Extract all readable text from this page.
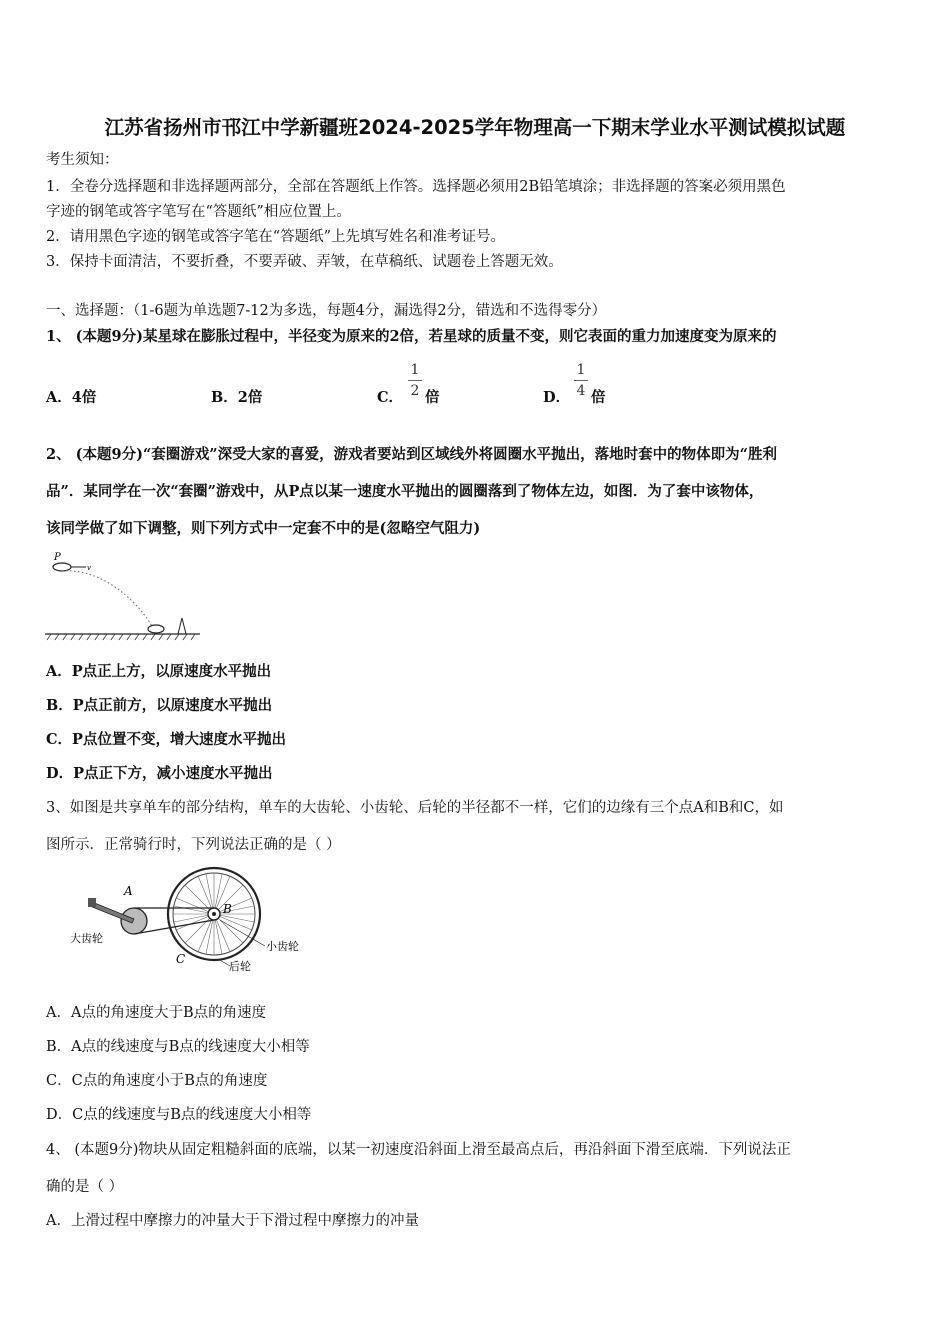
江苏省扬州市邗江中学新疆班2024-2025学年物理高一下期末学业水平测试模拟试题
考生须知：
1．全卷分选择题和非选择题两部分，全部在答题纸上作答。选择题必须用2B铅笔填涂；非选择题的答案必须用黑色
字迹的钢笔或答字笔写在“答题纸”相应位置上。
2．请用黑色字迹的钢笔或答字笔在“答题纸”上先填写姓名和准考证号。
3．保持卡面清洁，不要折叠，不要弄破、弄皱，在草稿纸、试题卷上答题无效。
一、选择题：（1-6题为单选题7-12为多选，每题4分，漏选得2分，错选和不选得零分）
1、 (本题9分)某星球在膨胀过程中，半径变为原来的2倍，若星球的质量不变，则它表面的重力加速度变为原来的
A．4倍	B．2倍	C．
1
2 倍	D．
1
4 倍
2、 (本题9分)“套圈游戏”深受大家的喜爱，游戏者要站到区域线外将圆圈水平抛出，落地时套中的物体即为“胜利
品”．某同学在一次“套圈”游戏中，从P点以某一速度水平抛出的圆圈落到了物体左边，如图．为了套中该物体，
该同学做了如下调整，则下列方式中一定套不中的是(忽略空气阻力)
P
v
A．P点正上方，以原速度水平抛出
B．P点正前方，以原速度水平抛出
C．P点位置不变，增大速度水平抛出
D．P点正下方，减小速度水平抛出
3、如图是共享单车的部分结构，单车的大齿轮、小齿轮、后轮的半径都不一样，它们的边缘有三个点A和B和C，如
图所示．正常骑行时，下列说法正确的是（ ）
A
B
C
大齿轮
小齿轮
后轮
A．A点的角速度大于B点的角速度
B．A点的线速度与B点的线速度大小相等
C．C点的角速度小于B点的角速度
D．C点的线速度与B点的线速度大小相等
4、 (本题9分)物块从固定粗糙斜面的底端，以某一初速度沿斜面上滑至最高点后，再沿斜面下滑至底端．下列说法正
确的是（ ）
A．上滑过程中摩擦力的冲量大于下滑过程中摩擦力的冲量
